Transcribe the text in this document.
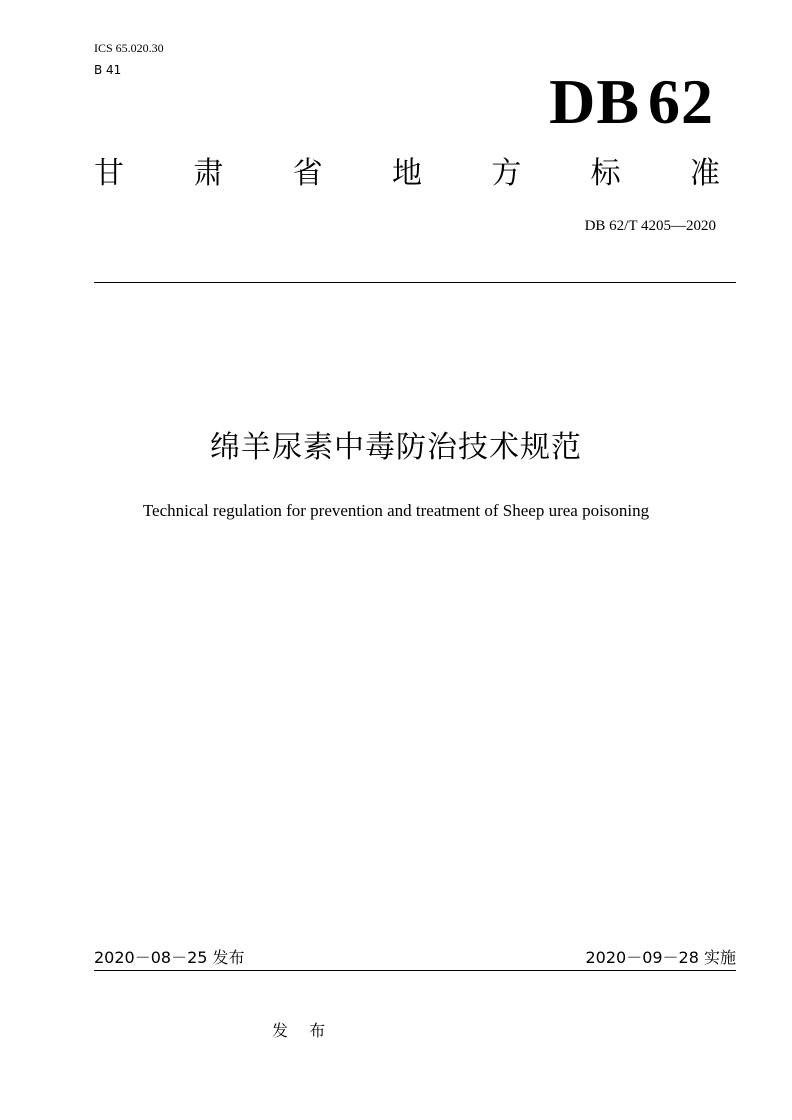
ICS 65.020.30
B 41	DB 62
甘 肃 省 地 方 标 准
DB 62/T 4205—2020
绵羊尿素中毒防治技术规范
Technical regulation for prevention and treatment of Sheep urea poisoning
2020－08－25 发布	2020－09－28 实施
发 布
